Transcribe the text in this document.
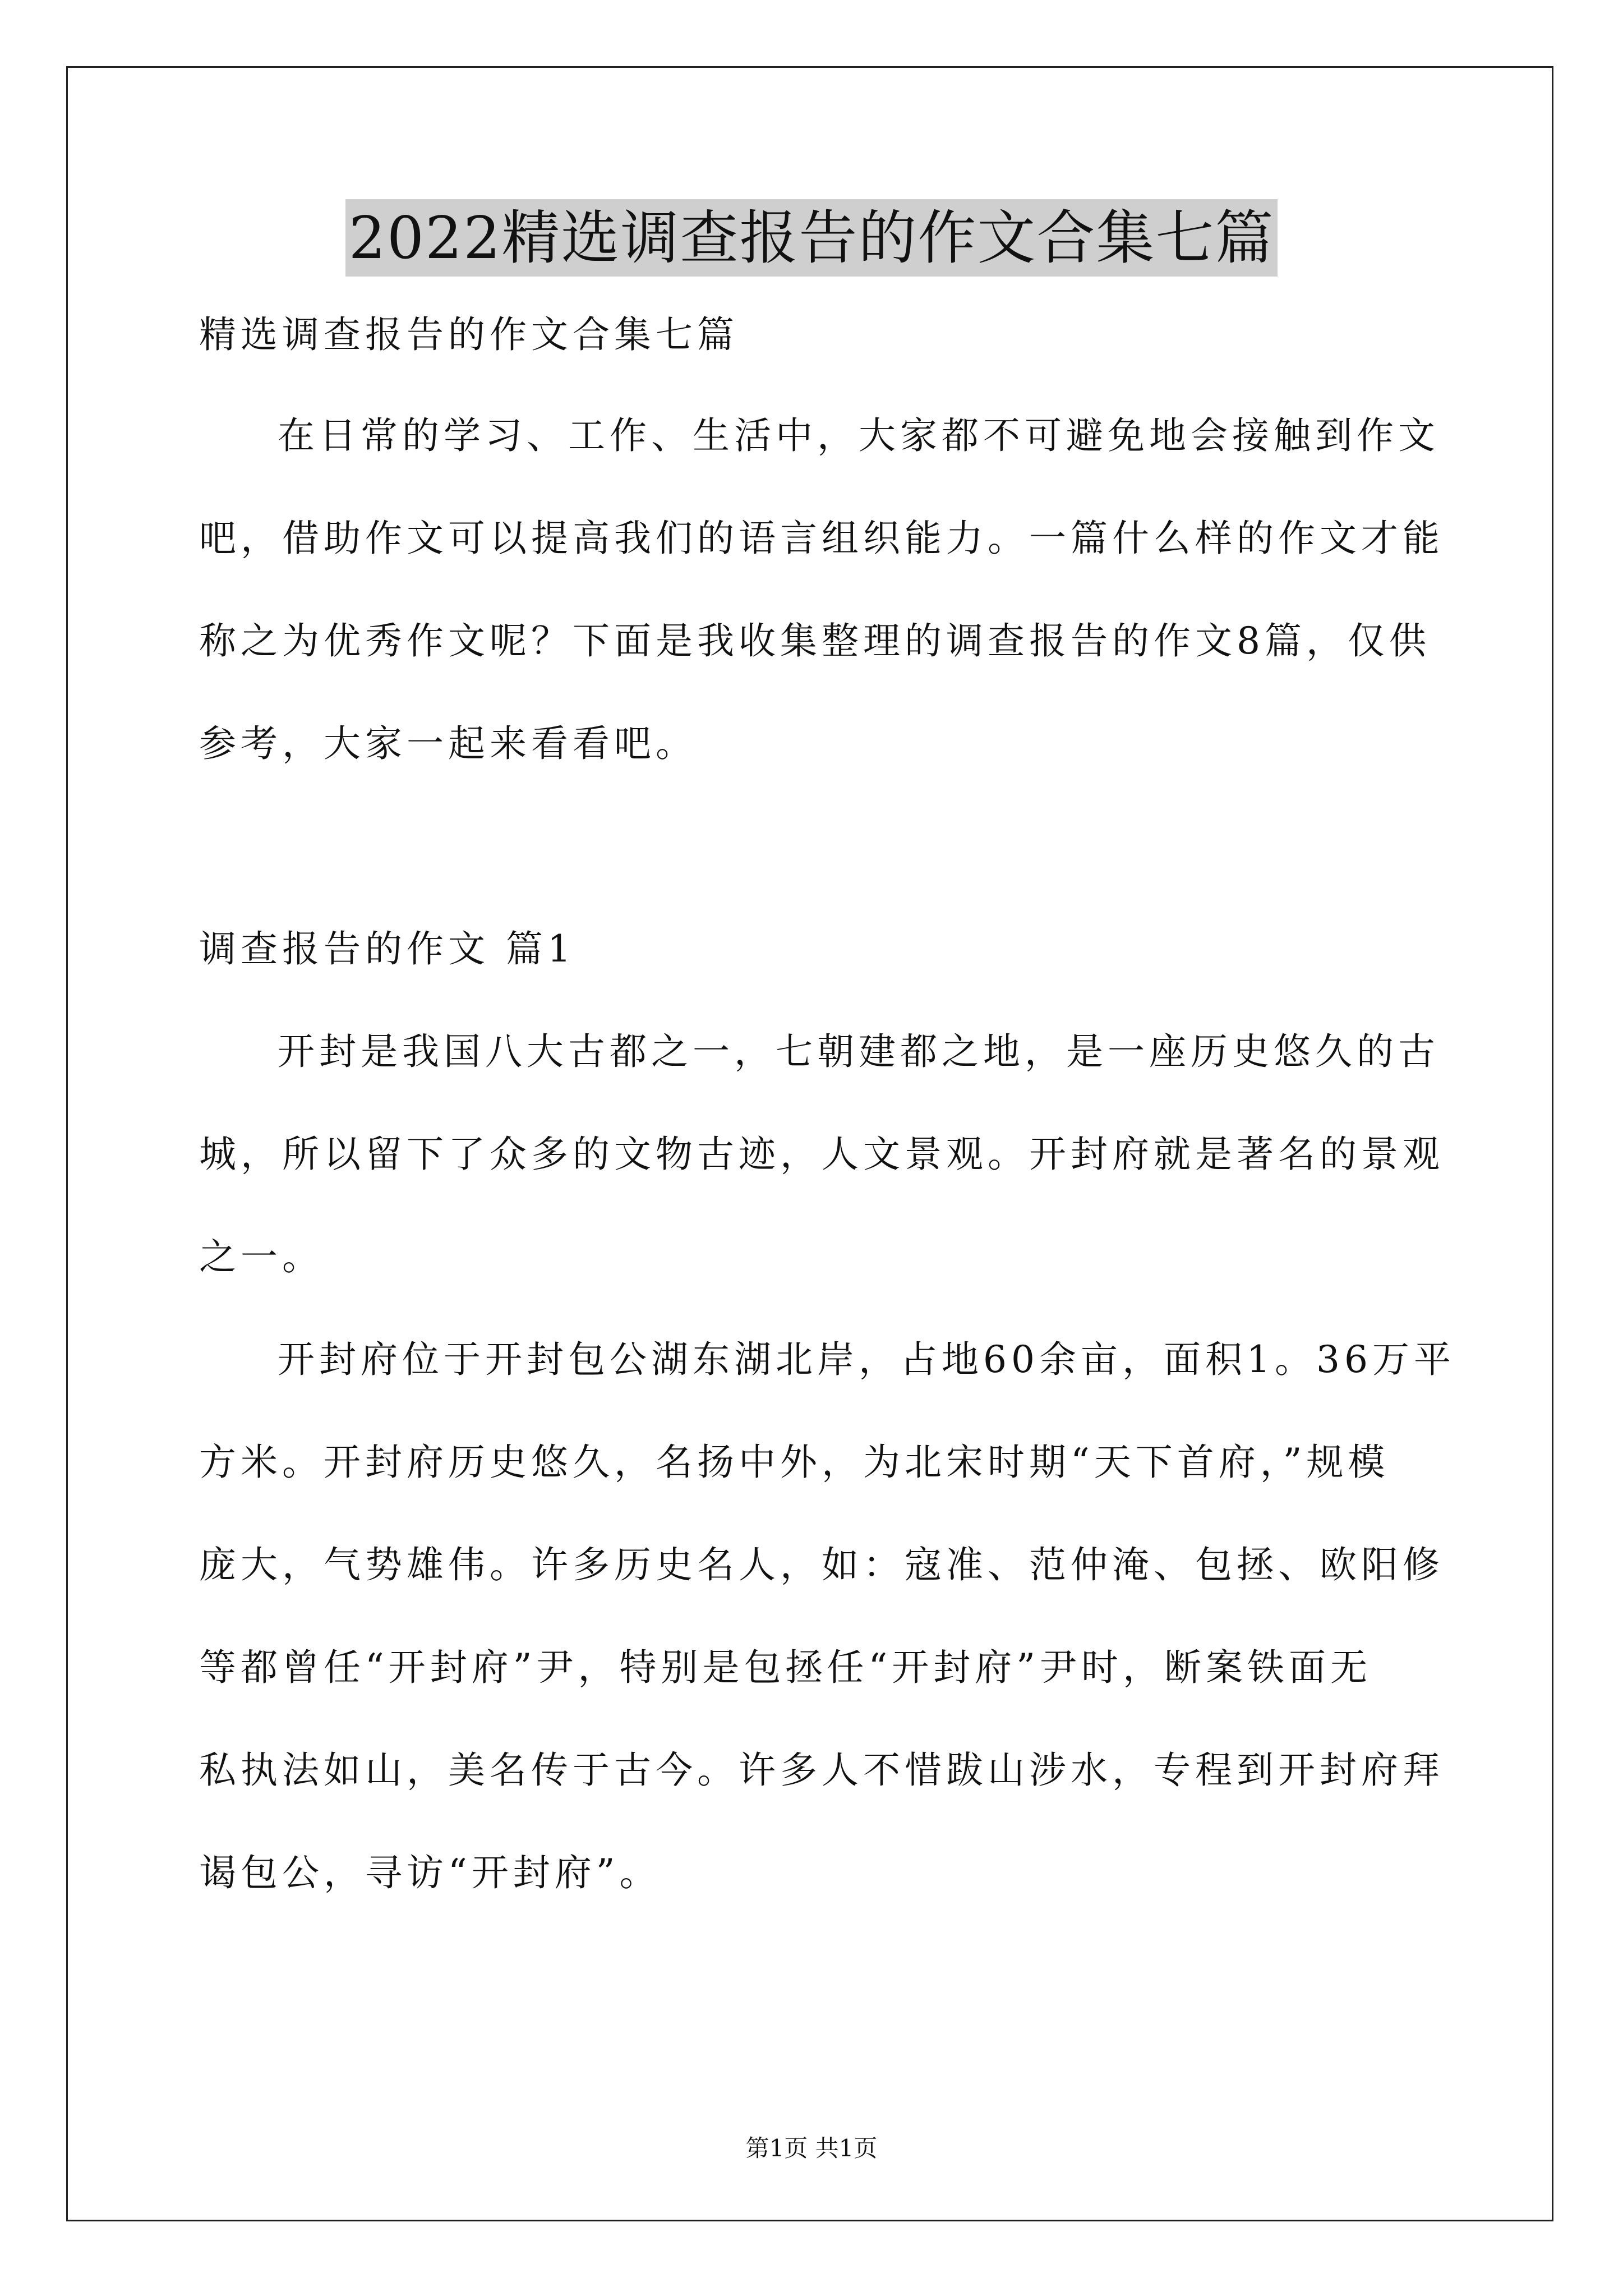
2022精选调查报告的作文合集七篇
精选调查报告的作文合集七篇
在日常的学习、工作、生活中，大家都不可避免地会接触到作文
吧，借助作文可以提高我们的语言组织能力。一篇什么样的作文才能
称之为优秀作文呢？下面是我收集整理的调查报告的作文8篇，仅供
参考，大家一起来看看吧。
调查报告的作文 篇1
开封是我国八大古都之一，七朝建都之地，是一座历史悠久的古
城，所以留下了众多的文物古迹，人文景观。开封府就是著名的景观
之一。
开封府位于开封包公湖东湖北岸，占地60余亩，面积1。36万平
方米。开封府历史悠久，名扬中外，为北宋时期“天下首府，”规模
庞大，气势雄伟。许多历史名人，如：寇准、范仲淹、包拯、欧阳修
等都曾任“开封府”尹，特别是包拯任“开封府”尹时，断案铁面无
私执法如山，美名传于古今。许多人不惜跋山涉水，专程到开封府拜
谒包公，寻访“开封府”。
第1页 共1页
